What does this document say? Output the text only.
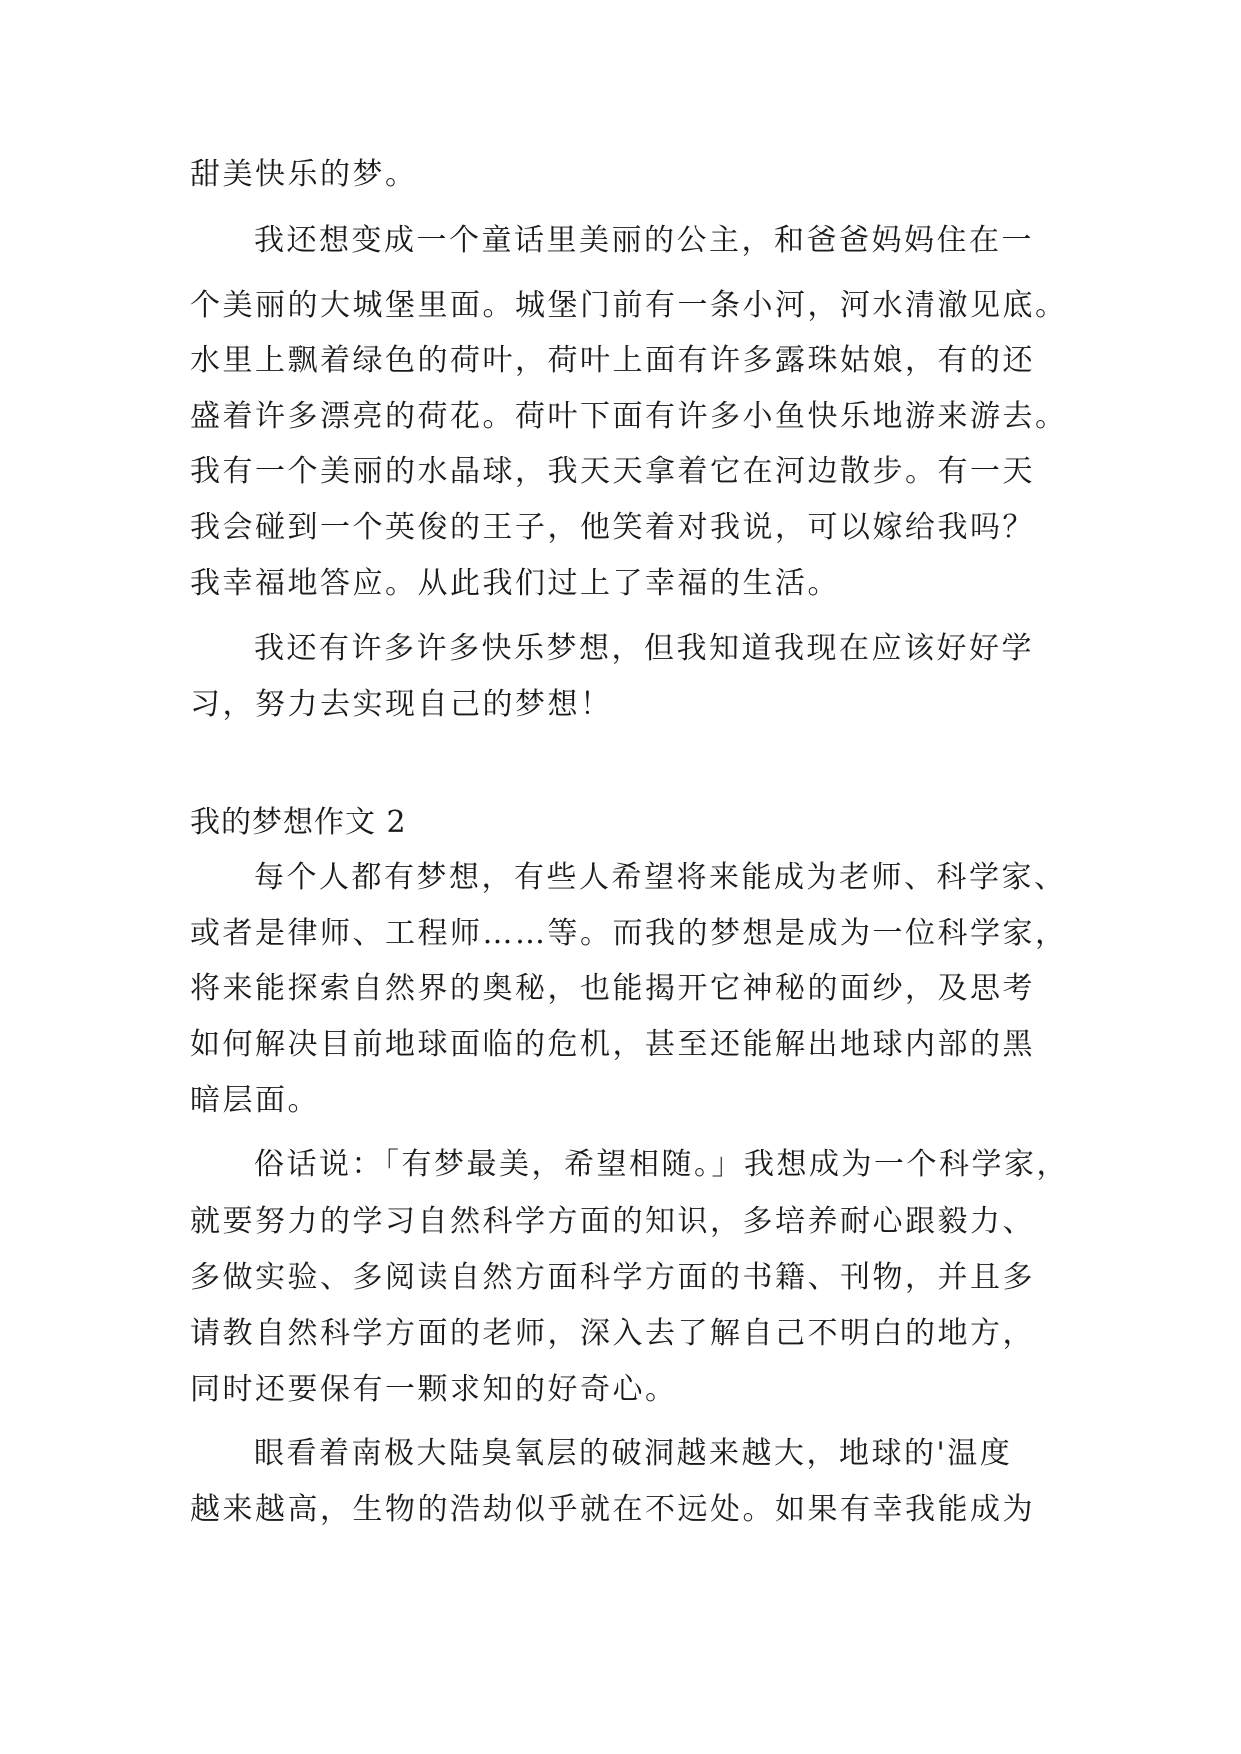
甜美快乐的梦。
我还想变成一个童话里美丽的公主，和爸爸妈妈住在一
个美丽的大城堡里面。城堡门前有一条小河，河水清澈见底。
水里上飘着绿色的荷叶，荷叶上面有许多露珠姑娘，有的还
盛着许多漂亮的荷花。荷叶下面有许多小鱼快乐地游来游去。
我有一个美丽的水晶球，我天天拿着它在河边散步。有一天
我会碰到一个英俊的王子，他笑着对我说，可以嫁给我吗？
我幸福地答应。从此我们过上了幸福的生活。
我还有许多许多快乐梦想，但我知道我现在应该好好学
习，努力去实现自己的梦想！
我的梦想作文 2
每个人都有梦想，有些人希望将来能成为老师、科学家、
或者是律师、工程师……等。而我的梦想是成为一位科学家，
将来能探索自然界的奥秘，也能揭开它神秘的面纱，及思考
如何解决目前地球面临的危机，甚至还能解出地球内部的黑
暗层面。
俗话说：「有梦最美，希望相随。」我想成为一个科学家，
就要努力的学习自然科学方面的知识，多培养耐心跟毅力、
多做实验、多阅读自然方面科学方面的书籍、刊物，并且多
请教自然科学方面的老师，深入去了解自己不明白的地方，
同时还要保有一颗求知的好奇心。
眼看着南极大陆臭氧层的破洞越来越大，地球的'温度
越来越高，生物的浩劫似乎就在不远处。如果有幸我能成为
